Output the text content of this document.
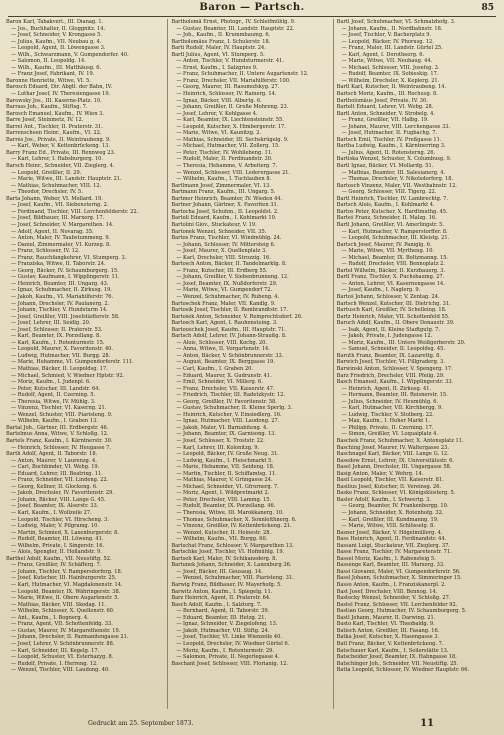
Baron — Partsch.	85
Baron Karl, Tabakverl., III. Dianag. 1.
— Jos., Buchhalter, II. Gloggnitz. 14.
— Josef, Schneider, V. Krongasse 5.
— Julius, Kaufm., VII. Neubau g. 4.
— Leopold, Agent, II. Löwengasse 3.
— Wilh., Schwarzmann, V. Gumpendorfer. 40.
— Salomon, II. Leopoldg. 14.
— Wilh., Kaufm., III. Matthäusg. 6.
— Franz Josef, Fabrikant, IV. 19.
Baronne Henriette, Witwe, VI. 5.
Barosch Eduard, Dir. Abgtl. der Bahn, IV.
— Lothar Josef, IV. Theresiengasse 19.
Barowsky Jos., III. Kaserne-Platz. 10.
Barrass Joh., Kaufm., Stiftsg. 7.
Barosch Emanuel, Kaufm., IV. Wien 3.
Barre Josef, Steinmetz, IV. 12.
Barrel Ant., Tischler, II. Praterstr. 31.
Barrenscheen Heinr., Kaufm., VI. 22.
Barrès Jos., Private, II. Weintraubeng. 9.
— Karl, Weber, V. Kettenbrückeng. 13.
Barry Franz Ed., Private, III. Rennweg 23.
— Karl, Lehrer, I. Habsburgerg. 10.
Barsch Heinr., Schneider, VII. Zieglerg. 4.
— Leopold, Greißler, II. 29.
— Marie, Witwe, III. Landstr. Hauptstr. 21.
— Mathias, Schuhmacher, VIII. 12.
— Theodor, Drechsler, IV. 5.
Barta Johann, Weber, VI. Mollard. 19.
— Josef, Kaufm., VII. Siebensterng. 2.
— Ferdinand, Tischler, VIII. Lerchenfelderstr. 22.
— Josef, Bildhauer, III. Marxerg. 17.
— Josef, Schneider, V. Margarethen. 14.
— Adolf, Agent, II. Novarag. 35.
— Anton, Maler, IV. Taubstummeng. 9.
— Daniel, Zimmermaler, VI. Kurzeg. 8.
— Franz, Schlosser, IV. 12.
— Franz, Rauchfangkehrer, VI. Stumperg. 3.
— Franziska, Witwe, II. Taborstr. 24.
— Georg, Bäcker, IV. Schaumburgerg. 15.
— Gustav, Kaufmann, I. Wipplingerstr. 11.
— Heinrich, Beamter, III. Ungarg. 43.
— Ignaz, Schuhmacher, II. Zirkusg. 19.
— Jakob, Kaufm., VI. Mariahilferstr. 76.
— Johann, Drechsler, IV. Paulanerg. 2.
— Johann, Tischler, V. Hundsturm 14.
— Josef, Greißler, VIII. Josefstädterstr. 58.
— Josef, Lehrer, III. Seidlg. 20.
— Josef, Schlosser, II. Praterstr. 53.
— Karl, Beamter, IX. Porzellang. 8.
— Karl, Kaufm., I. Rotenturmstr. 15.
— Leopold, Maurer, X. Favoritenstr. 40.
— Ludwig, Hutmacher, VII. Burgg. 28.
— Marie, Hebamme, VI. Gumpendorferstr. 111.
— Mathias, Bäcker, II. Leopoldsg. 17.
— Michael, Schmied, V. Wiedner Hptstr. 92.
— Moriz, Kaufm., I. Judenpl. 6.
— Peter, Kutscher, III. Landstr. 64.
— Rudolf, Agent, II. Czerning. 5.
— Theresia, Witwe, IV. Mühlg. 3.
— Vinzenz, Tischler, VI. Kaserng. 21.
— Wenzel, Schuster, VIII. Piaristeng. 9.
— Wilhelm, Kaufm., I. Graben 13.
Bartal Joh., Gärtner, III. Erdbergstr. 46.
Bartelmus Anna, Witwe, V. Schloßg. 12.
Bartels Franz, Kaufm., I. Kärntnerstr. 30.
— Heinrich, Schlosser, IV. Heugasse 7.
Barth Adolf, Agent, II. Taborstr. 18.
— Anton, Maurer, V. Laurenzg. 4.
— Carl, Buchbinder, VI. Webg. 19.
— Eduard, Lehrer, III. Beatrixg. 11.
— Franz, Schneider, VII. Lindeng. 22.
— Georg, Kellner, II. Glockeng. 6.
— Jakob, Drechsler, IV. Favoritenstr. 29.
— Johann, Bäcker, VIII. Lange G. 45.
— Josef, Beamter, IX. Alserstr. 33.
— Karl, Kaufm., I. Wollzeile 27.
— Leopold, Tischler, VI. Hirscheng. 3.
— Ludwig, Maler, V. Pilgramg. 10.
— Martin, Schmied, X. Laxenburgerstr. 8.
— Rudolf, Beamter, III. Löweng. 41.
— Wilhelm, Private, I. Singerstr. 16.
— Alois, Spengler, II. Hollandstr. 9.
Barthel Adolf, Kaufm., VII. Neustiftg. 52.
— Franz, Greißler, IV. Schäfferg. 7.
— Johann, Tischler, V. Rampersdorferg. 18.
— Josef, Kutscher, III. Hainburgerstr. 25.
— Karl, Hutmacher, VI. Magdalenenstr. 14.
— Leopold, Beamter, IX. Währingerstr. 38.
— Marie, Witwe, II. Obere Augartenstr. 5.
— Mathias, Bäcker, VIII. Skodag. 11.
— Wilhelm, Schlosser, X. Quellenstr. 60.
— Ant., Kaufm., I. Bognerg. 4.
— Franz, Agent, VII. Schottenfeldg. 33.
— Gustav, Maurer, IV. Margarethenstr. 19.
— Johann, Drechsler, II. Pazmanitengasse 21.
— Josef, Lehrer, V. Schönbrunnerstr. 88.
— Karl, Schneider, III. Kegelg. 17.
— Leopold, Schuster, VI. Esterhazyg. 8.
— Rudolf, Private, I. Herreng. 12.
— Wenzel, Tischler, VIII. Laudong. 40.
Bartholomä Ernst, Photogr., IV. Schleifmühlg. 9.
— Gustav, Beamter, III. Landstr. Hauptstr. 22.
— Joh., Kaufm., II. Krummbaumg. 6.
Bartholomäus Franz, I. Schulerstr. 18.
Barti Rudolf, Maler, IV. Hauptstr. 24.
Bartl Julius, Agent, VI. Stumperg. 5.
— Anton, Tischler, V. Hundsturmerstr. 41.
— Ernst, Kaufm., I. Salzgries 9.
— Franz, Schuhmacher, II. Untere Augartenstr. 12.
— Franz, Drechsler, VII. Mariahilferstr. 100.
— Georg, Maurer, III. Rasumofskyg. 27.
— Heinrich, Schlosser, IV. Rainerg. 14.
— Ignaz, Bäcker, VIII. Albertg. 6.
— Johann, Greißler, II. Große Mohreng. 23.
— Josef, Lehrer, V. Kohlgasse 4.
— Karl, Beamter, IX. Liechtensteinstr. 55.
— Leopold, Kutscher, X. Himbergerstr. 17.
— Marie, Witwe, VI. Kaunitzg. 2.
— Mathias, Schneider, III. Sechskrügelg. 9.
— Michael, Hutmacher, VII. Zollerg. 15.
— Peter, Tischler, IV. Wohllebeng. 11.
— Rudolf, Maler, II. Ferdinandstr. 30.
— Theresia, Hebamme, V. Arbeiterg. 7.
— Wenzel, Schlosser, VIII. Lederergasse 21.
— Wilhelm, Kaufm., I. Tuchlauben 8.
Bartlmann Josef, Zimmermaler, VI. 13.
Bartmann Franz, Kaufm., III. Ungarg. 5.
Bartmer Heinrich, Beamter, IV. Wieden 44.
Bartner Johann, Gärtner, X. Favoriten 31.
Bartocha Josef, Schuhm., II. Leopoldst. 2.
Bartoli Eduard, Kaufm., I. Kohlmarkt 10.
Bartolini Giov., Stuckateur, V. 19.
Bartonek Wenzel, Schneider, VII. 35.
Bartos Franz, Tischler, VI. Windmühlg. 24.
— Johann, Schlosser, IV. Mittersteig 6.
— Josef, Maurer, X. Quellenplatz 3.
— Karl, Drechsler, VIII. Strozzig. 16.
Bartosch Anton, Bäcker, II. Tandelmarktg. 8.
— Franz, Kutscher, III. Erdberg 55.
— Johann, Greißler, V. Siebenbrunneng. 12.
— Josef, Beamter, IX. Nußdorferstr. 29.
— Marie, Witwe, VI. Gumpendorf 72.
— Wenzel, Schuhmacher, IV. Rubeng. 4.
Bartoschek Franz, Maler, VII. Kandlg. 9.
Bartosik Josef, Tischler, II. Rembrandtstr. 17.
Bartošek Anton, Schneider, V. Reinprechtsdorf. 26.
Bartosch Karl, Agent, I. Rauhensteing. 3.
Bartouschek Josef, Kaufm., III. Hauptstr. 71.
Bartsch Adolf, Lehrer, IV. Johann-Straußg. 8.
— Alois, Schlosser, VIII. Kochg. 20.
— Anna, Witwe, II. Vorgartenstr. 14.
— Anton, Bäcker, V. Schönbrunnerstr. 33.
— August, Beamter, IX. Berggasse 19.
— Carl, Kaufm., I. Graben 20.
— Eduard, Maurer, X. Gudrunstr. 41.
— Emil, Schneider, VI. Millerg. 6.
— Franz, Drechsler, VII. Kaiserstr. 47.
— Friedrich, Tischler, III. Radetzkystr. 12.
— Georg, Greißler, IV. Favoritenstr. 58.
— Gustav, Schuhmacher, II. Kleine Sperlg. 3.
— Heinrich, Kutscher, V. Einsiedlerg. 16.
— Ignaz, Hutmacher, VIII. Laudong. 27.
— Jakob, Maler, VI. Barnabiteng. 4.
— Johann, Beamter, IX. Garnisong. 13.
— Josef, Schlosser, X. Troststr. 22.
— Karl, Lehrer, III. Kolonitzg. 9.
— Leopold, Bäcker, IV. Große Neug. 31.
— Ludwig, Kaufm., I. Fleischmarkt 5.
— Marie, Hebamme, VII. Seideng. 18.
— Martin, Tischler, II. Schiffamtsg. 11.
— Mathias, Maurer, V. Grüngasse 24.
— Michael, Schneider, VI. Gfrornerg. 7.
— Moriz, Agent, I. Wildpretmarkt 2.
— Peter, Drechsler, VIII. Lammg. 15.
— Rudolf, Beamter, IX. Porzellang. 46.
— Theresia, Witwe, III. Marokkanerg. 10.
— Thomas, Schuhmacher, X. Sonnleithnerg. 6.
— Vinzenz, Greißler, IV. Kettenbrückeng. 21.
— Wenzel, Kutscher, II. Heinestr. 28.
— Wilhelm, Kaufm., VII. Burgg. 60.
Bartschat Franz, Schlosser, V. Margarethen 13.
Bartschke Josef, Tischler, VI. Hofmühlg. 19.
Bartseb Karl, Maler, IV. Schikanederg. 8.
Bartunek Johann, Schneider, X. Laxenburg 36.
— Josef, Bäcker, III. Geusaug. 14.
— Wenzel, Schuhmacher, VIII. Piaristeng. 31.
Barwig Franz, Bildhauer, IV. Mayerhofg. 5.
Barwitz Anton, Kaufm., I. Spiegelg. 11.
Barz Heinrich, Agent, II. Praterstr. 64.
Basch Adolf, Kaufm., I. Salztorg. 7.
— Bernhard, Agent, II. Taborstr. 39.
— Eduard, Beamter, III. Hetzg. 21.
— Ignaz, Schneider, V. Ziegelofeng. 13.
— Jakob, Hutmacher, VII. Stiftg. 24.
— Josef, Tischler, VI. Linke Wienzeile 40.
— Leopold, Drechsler, IV. Wiedner Gürtel 6.
— Moriz, Kaufm., I. Rotenturmstr. 29.
— Salomon, Private, II. Negerlegasse 4.
Baschant Josef, Schlosser, VIII. Florianig. 12.
Bartl Josef, Schuhmacher, VI. Schmalzhofg. 3.
— Johann, Kaufm., II. Nordbahnstr. 18.
— Josef, Tischler, V. Bacherplatz 9.
— Leopold, Bäcker, IV. Phorusg. 12.
— Franz, Maler, III. Landstr. Gürtel 25.
— Karl, Agent, I. Dorotheerg. 6.
— Marie, Witwe, VII. Neubaug. 44.
— Michael, Schlosser, VIII. Josefsg. 3.
— Rudolf, Beamter, IX. Sobieskig. 17.
— Wilhelm, Drechsler, X. Keplerg. 21.
Bartl Karl, Kutscher, II. Weintraubeng. 14.
Bartsch Moriz, Kaufm., III. Rochusg. 8.
Bartholomäus Josef, Private, IV. 30.
Bartelt Eduard, Lehrer, VI. Webg. 28.
Bartl Anton, Schneider, V. Strobelg. 4.
— Franz, Greißler, VII. Halbg. 19.
— Johann, Maurer, VIII. Lerchengasse 33.
— Josef, Hutmacher, II. Fugbachg. 7.
Bartsch Emil, Tischler, IV. Preßgasse 11.
Bartha Ludwig, Kaufm., I. Kärntnerring 3.
— Julius, Agent, II. Rotensterng. 26.
Bartiska Wenzel, Schuster, X. Columbusg. 9.
Bartl Ignaz, Bäcker, VI. Mollardg. 51.
— Mathias, Beamter, III. Salesianerg. 4.
— Thomas, Drechsler, V. Nikolsdorferg. 18.
Bartosch Vinzenz, Maler, VII. Westbahnstr. 12.
— Georg, Schlosser, VIII. Tigerg. 22.
Bartl Heinrich, Tischler, IV. Lambrechtg. 7.
Bartsch Alois, Kaufm., I. Kohlmarkt 4.
Bartos Peter, Kutscher, X. Hardtmuthg. 45.
Barteš Franz, Schneider, II. Malzg. 16.
Bartl Johann, Greißler, VI. Amerlingstr. 5.
— Karl, Hutmacher, V. Ramperstorffer. 8.
— Leopold, Schuhmacher, III. Kleistg. 21.
Bartsch Josef, Maurer, IV. Paniglg. 6.
— Marie, Witwe, VII. Myrtheng. 10.
— Michael, Beamter, IX. Boltzmanng. 15.
— Rudolf, Drechsler, VIII. Bennoplatz 2.
Bartel Wilhelm, Bäcker, II. Kurzbauerg. 3.
Bartl Franz, Tischler, X. Puchsbaumg. 27.
— Anton, Lehrer, VI. Kasernengasse 14.
— Josef, Kaufm., I. Naglerg. 9.
Bartoš Johann, Schlosser, V. Zentag. 24.
Bartsch Wenzel, Kutscher, III. Dietrichg. 31.
Bartusch Karl, Greißler, IV. Schelleing. 18.
Bartz Heinrich, Maler, VII. Schottenfeld 55.
Baruch Adolf, Kaufm., II. Obere Donaustr. 39.
— Isak, Agent, II. Kleine Stadtgutg. 7.
— Jakob, Private, I. Judengasse 12.
— Moriz, Kaufm., III. Untere Weißgerberstr. 20.
— Samuel, Schneider, II. Leopoldsg. 45.
Baruth Franz, Beamter, IX. Lazarettg. 8.
Barwich Josef, Tischler, VI. Fillgraderg. 3.
Barwinski Anton, Schlosser, V. Spengerg. 17.
Barz Friedrich, Drechsler, VIII. Pfeilg. 29.
Basch Emanuel, Kaufm., I. Wipplingerstr. 33.
— Heinrich, Agent, II. Zirkusg. 41.
— Hermann, Beamter, III. Reisnerstr. 15.
— Julius, Schneider, IV. Heumühlg. 6.
— Karl, Hutmacher, VII. Kirchbergg. 9.
— Ludwig, Tischler, V. Stolberg. 22.
— Max, Kaufm., I. Hoher Markt 1.
— Philipp, Private, II. Czerning. 17.
— Simon, Greißler, VI. Loquaiplatz 4.
Baschek Franz, Schuhmacher, X. Antonsplatz 11.
Basching Josef, Maurer, IV. Waltergasse 23.
Baschnagel Karl, Bäcker, VIII. Lange G. 12.
Basedow Ernst, Lehrer, IX. Universitätsstr. 6.
Basel Johann, Drechsler, III. Ungargasse 58.
Basig Anton, Maler, V. Wehrg. 14.
Basil Leopold, Tischler, VII. Kaiserstr. 81.
Basilius Josef, Kutscher, II. Vereinsg. 26.
Baske Franz, Schlosser, VI. Königsklosterg. 5.
Basler Adolf, Kaufm., I. Schwertg. 3.
— Georg, Beamter, IV. Frankenbergg. 10.
— Johann, Schneider, X. Rotenhofg. 32.
— Karl, Greißler, III. Kundmanng. 19.
— Marie, Witwe, VIII. Schlösselg. 8.
Basner Josef, Bäcker, V. Högelmüllerg. 4.
Bass Heinrich, Agent, II. Ferdinandstr. 44.
Bassani Luigi, Stuckateur, VII. Zieglerg. 37.
Basse Franz, Tischler, IV. Margaretenstr. 71.
Bassel Moriz, Kaufm., I. Rabensteig 5.
Bassenge Karl, Beamter, III. Marxerg. 33.
Bassi Giovanni, Maler, VI. Gumpendorferstr. 56.
Bassl Johann, Schuhmacher, X. Simmeringer 15.
Basso Anton, Kaufm., I. Franziskanerpl. 2.
Bast Josef, Drechsler, VIII. Bennog. 14.
Bastecky Wenzel, Schneider, V. Schloßg. 27.
Bastel Franz, Schlosser, VII. Lerchenfelder 92.
Bastian Georg, Hutmacher, IV. Schaumburgerg. 5.
Bastl Johann, Maurer, II. Darwing. 21.
Basto Karl, Tischler, VI. Theobaldg. 9.
Batisch Anton, Greißler, III. Fasang. 16.
Batka Josef, Kutscher, X. Hasengasse 3.
Batl Franz, Bäcker, V. Kettenbrückeng. 7.
Batschauer Karl, Kaufm., I. Seilerstätte 13.
Batscheider Josef, Beamter, IX. Hahngasse 18.
Batschinger Joh., Schneider, VII. Neustiftg. 25.
Batta Leopold, Schlosser, IV. Wiedner Hauptstr. 66.
Gedruckt am 25. September 1873.	11
